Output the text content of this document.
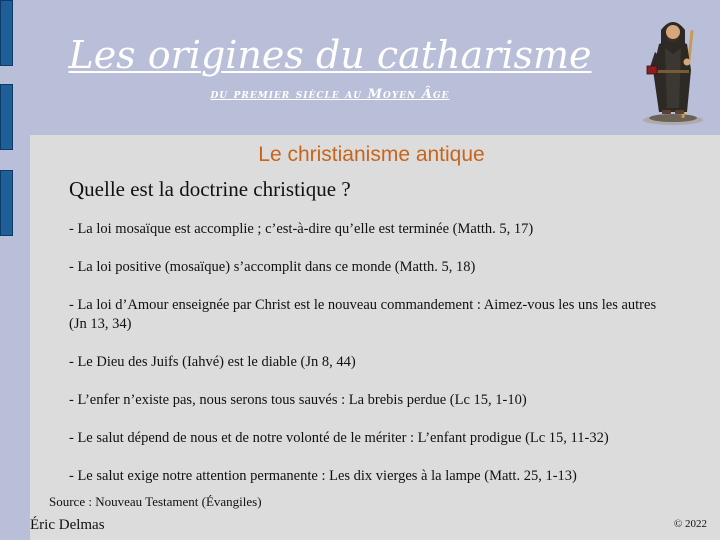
Les origines du catharisme
du premier siècle au Moyen Âge
Le christianisme antique
Quelle est la doctrine christique ?
- La loi mosaïque est accomplie ; c’est-à-dire qu’elle est terminée (Matth. 5, 17)
- La loi positive (mosaïque) s’accomplit dans ce monde (Matth. 5, 18)
- La loi d’Amour enseignée par Christ est le nouveau commandement : Aimez-vous les uns les autres (Jn 13, 34)
- Le Dieu des Juifs (Iahvé) est le diable (Jn 8, 44)
- L’enfer n’existe pas, nous serons tous sauvés : La brebis perdue (Lc 15, 1-10)
- Le salut dépend de nous et de notre volonté de le mériter : L’enfant prodigue (Lc 15, 11-32)
- Le salut exige notre attention permanente : Les dix vierges à la lampe (Matt. 25, 1-13)
Source : Nouveau Testament (Évangiles)
Éric Delmas	© 2022
